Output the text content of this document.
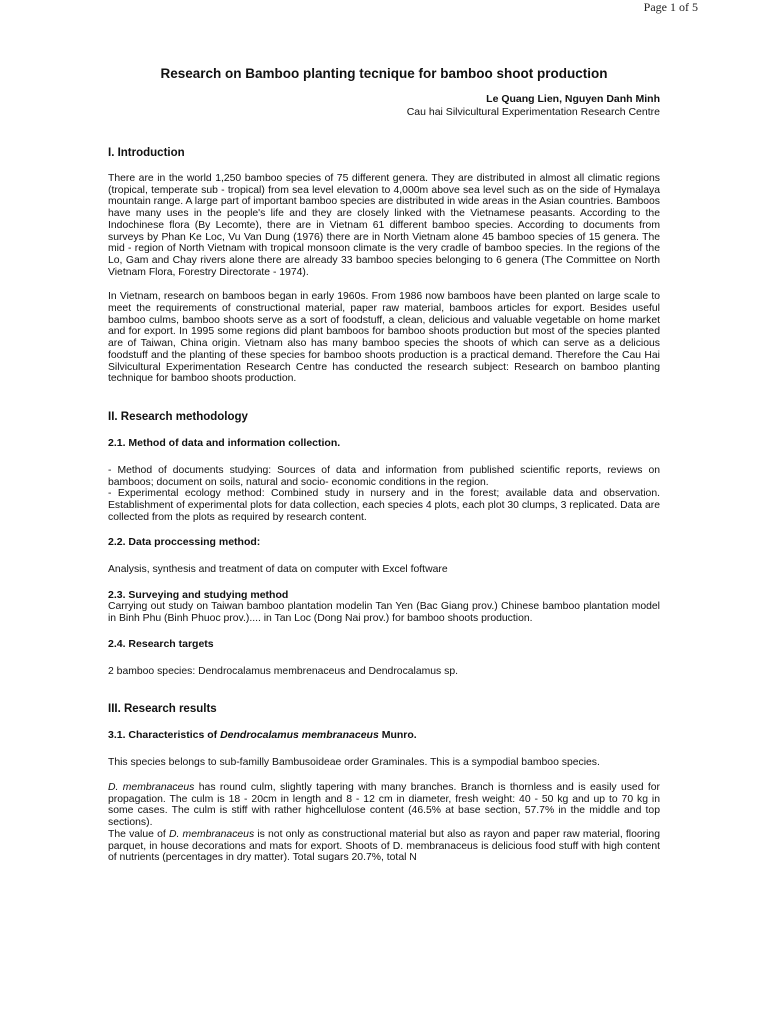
Page 1 of 5
Research on Bamboo planting tecnique for bamboo shoot production
Le Quang Lien, Nguyen Danh Minh
Cau hai Silvicultural Experimentation Research Centre
I. Introduction

There are in the world 1,250 bamboo species of 75 different genera. They are distributed in almost all climatic regions (tropical, temperate sub - tropical) from sea level elevation to 4,000m above sea level such as on the side of Hymalaya mountain range. A large part of important bamboo species are distributed in wide areas in the Asian countries. Bamboos have many uses in the people's life and they are closely linked with the Vietnamese peasants. According to the Indochinese flora (By Lecomte), there are in Vietnam 61 different bamboo species. According to documents from surveys by Phan Ke Loc, Vu Van Dung (1976) there are in North Vietnam alone 45 bamboo species of 15 genera. The mid - region of North Vietnam with tropical monsoon climate is the very cradle of bamboo species. In the regions of the Lo, Gam and Chay rivers alone there are already 33 bamboo species belonging to 6 genera (The Committee on North Vietnam Flora, Forestry Directorate - 1974).

In Vietnam, research on bamboos began in early 1960s. From 1986 now bamboos have been planted on large scale to meet the requirements of constructional material, paper raw material, bamboos articles for export. Besides useful bamboo culms, bamboo shoots serve as a sort of foodstuff, a clean, delicious and valuable vegetable on home market and for export. In 1995 some regions did plant bamboos for bamboo shoots production but most of the species planted are of Taiwan, China origin. Vietnam also has many bamboo species the shoots of which can serve as a delicious foodstuff and the planting of these species for bamboo shoots production is a practical demand. Therefore the Cau Hai Silvicultural Experimentation Research Centre has conducted the research subject: Research on bamboo planting technique for bamboo shoots production.

II. Research methodology
2.1. Method of data and information collection.

- Method of documents studying: Sources of data and information from published scientific reports, reviews on bamboos; document on soils, natural and socio- economic conditions in the region.

- Experimental ecology method: Combined study in nursery and in the forest; available data and observation. Establishment of experimental plots for data collection, each species 4 plots, each plot 30 clumps, 3 replicated. Data are collected from the plots as required by research content.

2.2. Data proccessing method:

Analysis, synthesis and treatment of data on computer with Excel foftware

2.3. Surveying and studying method

Carrying out study on Taiwan bamboo plantation modelin Tan Yen (Bac Giang prov.) Chinese bamboo plantation model in Binh Phu (Binh Phuoc prov.).... in Tan Loc (Dong Nai prov.) for bamboo shoots production.

2.4. Research targets

2 bamboo species: Dendrocalamus membrenaceus and Dendrocalamus sp.

III. Research results
3.1. Characteristics of Dendrocalamus membranaceus Munro.

This species belongs to sub-familly Bambusoideae order Graminales. This is a sympodial bamboo species.

D. membranaceus has round culm, slightly tapering with many branches. Branch is thornless and is easily used for propagation. The culm is 18 - 20cm in length and 8 - 12 cm in diameter, fresh weight: 40 - 50 kg and up to 70 kg in some cases. The culm is stiff with rather highcellulose content (46.5% at base section, 57.7% in the middle and top sections).

The value of D. membranaceus is not only as constructional material but also as rayon and paper raw material, flooring parquet, in house decorations and mats for export. Shoots of D. membranaceus is delicious food stuff with high content of nutrients (percentages in dry matter). Total sugars 20.7%, total N
